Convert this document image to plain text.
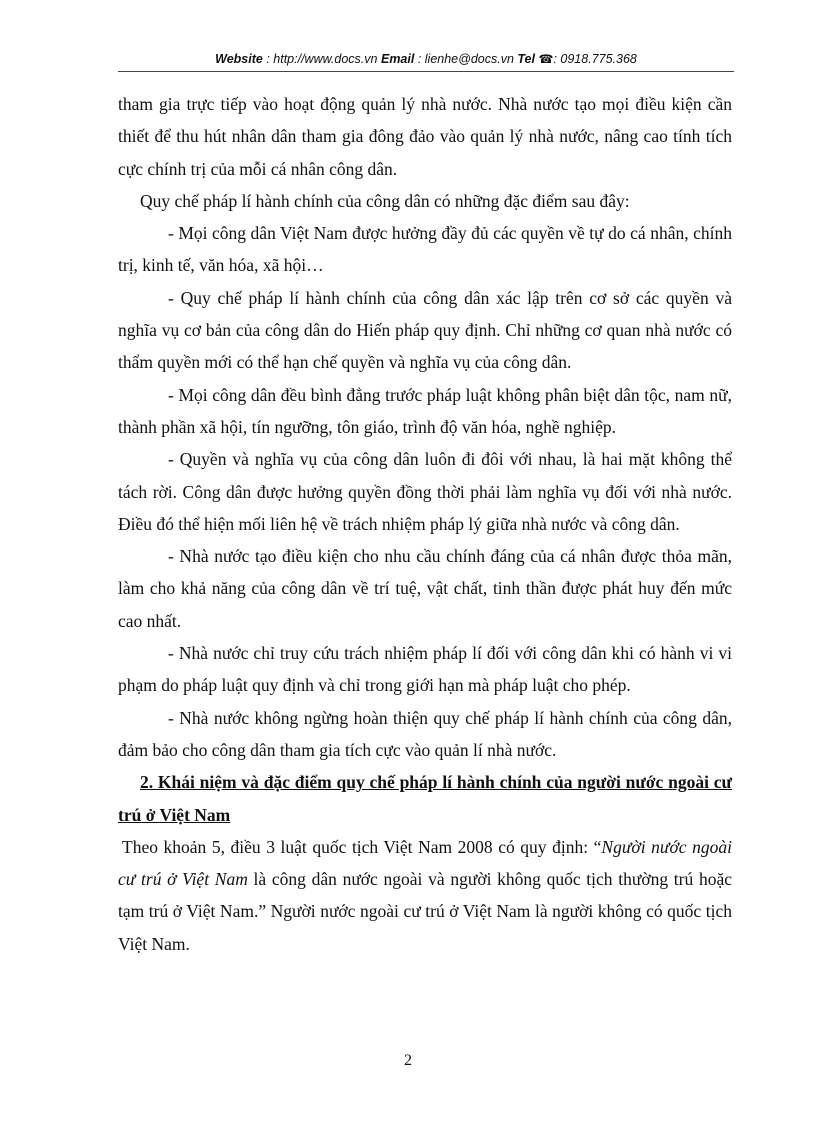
Website : http://www.docs.vn Email : lienhe@docs.vn Tel ☎: 0918.775.368

tham gia trực tiếp vào hoạt động quản lý nhà nước. Nhà nước tạo mọi điều kiện cần thiết để thu hút nhân dân tham gia đông đảo vào quản lý nhà nước, nâng cao tính tích cực chính trị của mỗi cá nhân công dân.

Quy chế pháp lí hành chính của công dân có những đặc điểm sau đây:

- Mọi công dân Việt Nam được hưởng đầy đủ các quyền về tự do cá nhân, chính trị, kinh tế, văn hóa, xã hội…

- Quy chế pháp lí hành chính của công dân xác lập trên cơ sở các quyền và nghĩa vụ cơ bản của công dân do Hiến pháp quy định. Chỉ những cơ quan nhà nước có thẩm quyền mới có thể hạn chế quyền và nghĩa vụ của công dân.

- Mọi công dân đều bình đẳng trước pháp luật không phân biệt dân tộc, nam nữ, thành phần xã hội, tín ngưỡng, tôn giáo, trình độ văn hóa, nghề nghiệp.

- Quyền và nghĩa vụ của công dân luôn đi đôi với nhau, là hai mặt không thể tách rời. Công dân được hưởng quyền đồng thời phải làm nghĩa vụ đối với nhà nước. Điều đó thể hiện mối liên hệ về trách nhiệm pháp lý giữa nhà nước và công dân.

- Nhà nước tạo điều kiện cho nhu cầu chính đáng của cá nhân được thỏa mãn, làm cho khả năng của công dân về trí tuệ, vật chất, tinh thần được phát huy đến mức cao nhất.

- Nhà nước chỉ truy cứu trách nhiệm pháp lí đối với công dân khi có hành vi vi phạm do pháp luật quy định và chỉ trong giới hạn mà pháp luật cho phép.

- Nhà nước không ngừng hoàn thiện quy chế pháp lí hành chính của công dân, đảm bảo cho công dân tham gia tích cực vào quản lí nhà nước.

2. Khái niệm và đặc điểm quy chế pháp lí hành chính của người nước ngoài cư trú ở Việt Nam

Theo khoản 5, điều 3 luật quốc tịch Việt Nam 2008 có quy định: “Người nước ngoài cư trú ở Việt Nam là công dân nước ngoài và người không quốc tịch thường trú hoặc tạm trú ở Việt Nam.” Người nước ngoài cư trú ở Việt Nam là người không có quốc tịch Việt Nam.

2
